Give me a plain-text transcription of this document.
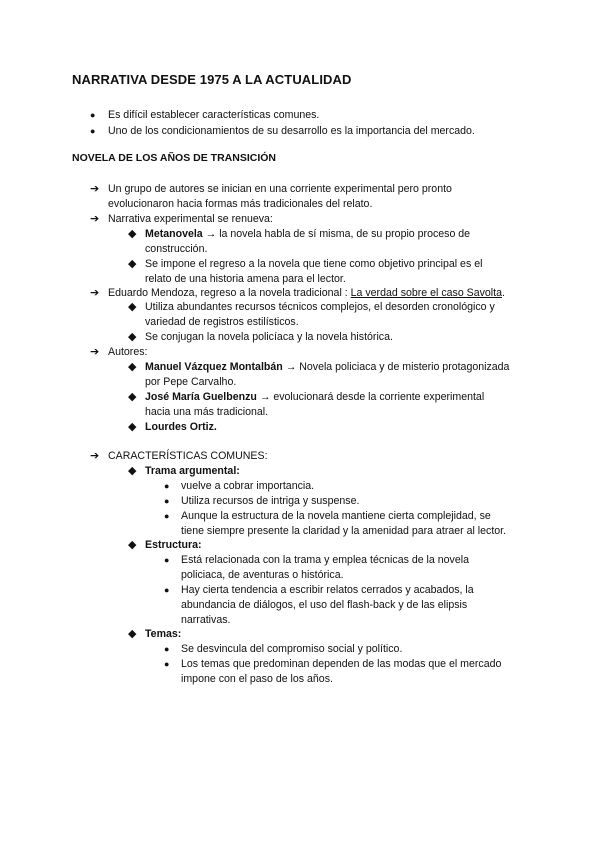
NARRATIVA DESDE 1975 A LA ACTUALIDAD
● Es difícil establecer características comunes.
● Uno de los condicionamientos de su desarrollo es la importancia del mercado.
NOVELA DE LOS AÑOS DE TRANSICIÓN
➔ Un grupo de autores se inician en una corriente experimental pero pronto
evolucionaron hacia formas más tradicionales del relato.
➔ Narrativa experimental se renueva:
◆ Metanovela → la novela habla de sí misma, de su propio proceso de
construcción.
◆ Se impone el regreso a la novela que tiene como objetivo principal es el
relato de una historia amena para el lector.
➔ Eduardo Mendoza, regreso a la novela tradicional : La verdad sobre el caso Savolta.
◆ Utiliza abundantes recursos técnicos complejos, el desorden cronológico y
variedad de registros estilísticos.
◆ Se conjugan la novela policíaca y la novela histórica.
➔ Autores:
◆ Manuel Vázquez Montalbán → Novela policiaca y de misterio protagonizada
por Pepe Carvalho.
◆ José María Guelbenzu → evolucionará desde la corriente experimental
hacia una más tradicional.
◆ Lourdes Ortiz.
➔ CARACTERÍSTICAS COMUNES:
◆ Trama argumental:
● vuelve a cobrar importancia.
● Utiliza recursos de intriga y suspense.
● Aunque la estructura de la novela mantiene cierta complejidad, se
tiene siempre presente la claridad y la amenidad para atraer al lector.
◆ Estructura:
● Está relacionada con la trama y emplea técnicas de la novela
policiaca, de aventuras o histórica.
● Hay cierta tendencia a escribir relatos cerrados y acabados, la
abundancia de diálogos, el uso del flash-back y de las elipsis
narrativas.
◆ Temas:
● Se desvincula del compromiso social y político.
● Los temas que predominan dependen de las modas que el mercado
impone con el paso de los años.
